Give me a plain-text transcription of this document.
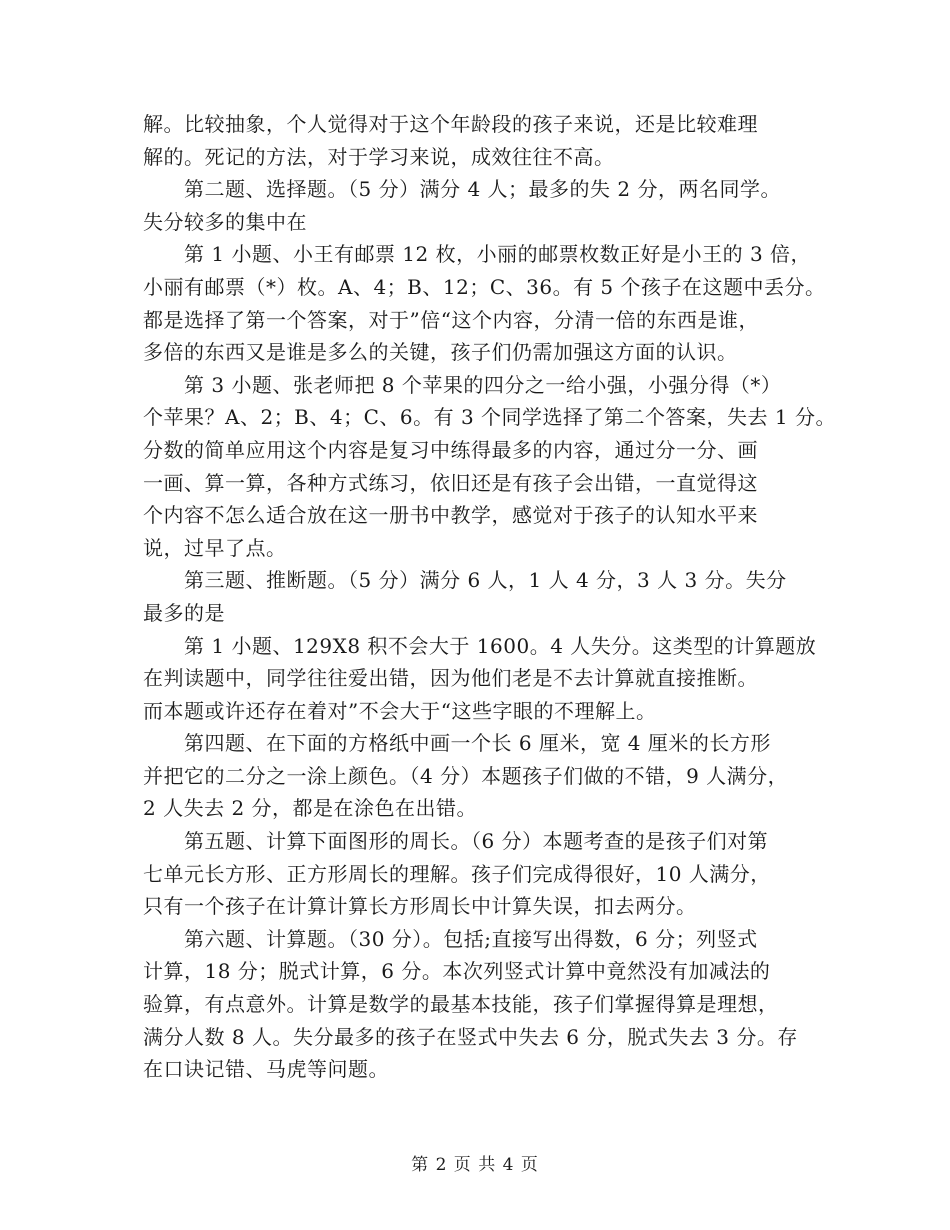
解。比较抽象，个人觉得对于这个年龄段的孩子来说，还是比较难理
解的。死记的方法，对于学习来说，成效往往不高。
　　第二题、选择题。（5 分）满分 4 人；最多的失 2 分，两名同学。
失分较多的集中在
　　第 1 小题、小王有邮票 12 枚，小丽的邮票枚数正好是小王的 3 倍，
小丽有邮票（*）枚。A、4；B、12；C、36。有 5 个孩子在这题中丢分。
都是选择了第一个答案，对于”倍“这个内容，分清一倍的东西是谁，
多倍的东西又是谁是多么的关键，孩子们仍需加强这方面的认识。
　　第 3 小题、张老师把 8 个苹果的四分之一给小强，小强分得（*）
个苹果？A、2；B、4；C、6。有 3 个同学选择了第二个答案，失去 1 分。
分数的简单应用这个内容是复习中练得最多的内容，通过分一分、画
一画、算一算，各种方式练习，依旧还是有孩子会出错，一直觉得这
个内容不怎么适合放在这一册书中教学，感觉对于孩子的认知水平来
说，过早了点。
　　第三题、推断题。（5 分）满分 6 人，1 人 4 分，3 人 3 分。失分
最多的是
　　第 1 小题、129X8 积不会大于 1600。4 人失分。这类型的计算题放
在判读题中，同学往往爱出错，因为他们老是不去计算就直接推断。
而本题或许还存在着对”不会大于“这些字眼的不理解上。
　　第四题、在下面的方格纸中画一个长 6 厘米，宽 4 厘米的长方形
并把它的二分之一涂上颜色。（4 分）本题孩子们做的不错，9 人满分，
2 人失去 2 分，都是在涂色在出错。
　　第五题、计算下面图形的周长。（6 分）本题考查的是孩子们对第
七单元长方形、正方形周长的理解。孩子们完成得很好，10 人满分，
只有一个孩子在计算计算长方形周长中计算失误，扣去两分。
　　第六题、计算题。（30 分）。包括;直接写出得数，6 分；列竖式
计算，18 分；脱式计算，6 分。本次列竖式计算中竟然没有加减法的
验算，有点意外。计算是数学的最基本技能，孩子们掌握得算是理想，
满分人数 8 人。失分最多的孩子在竖式中失去 6 分，脱式失去 3 分。存
在口诀记错、马虎等问题。
第 2 页 共 4 页
